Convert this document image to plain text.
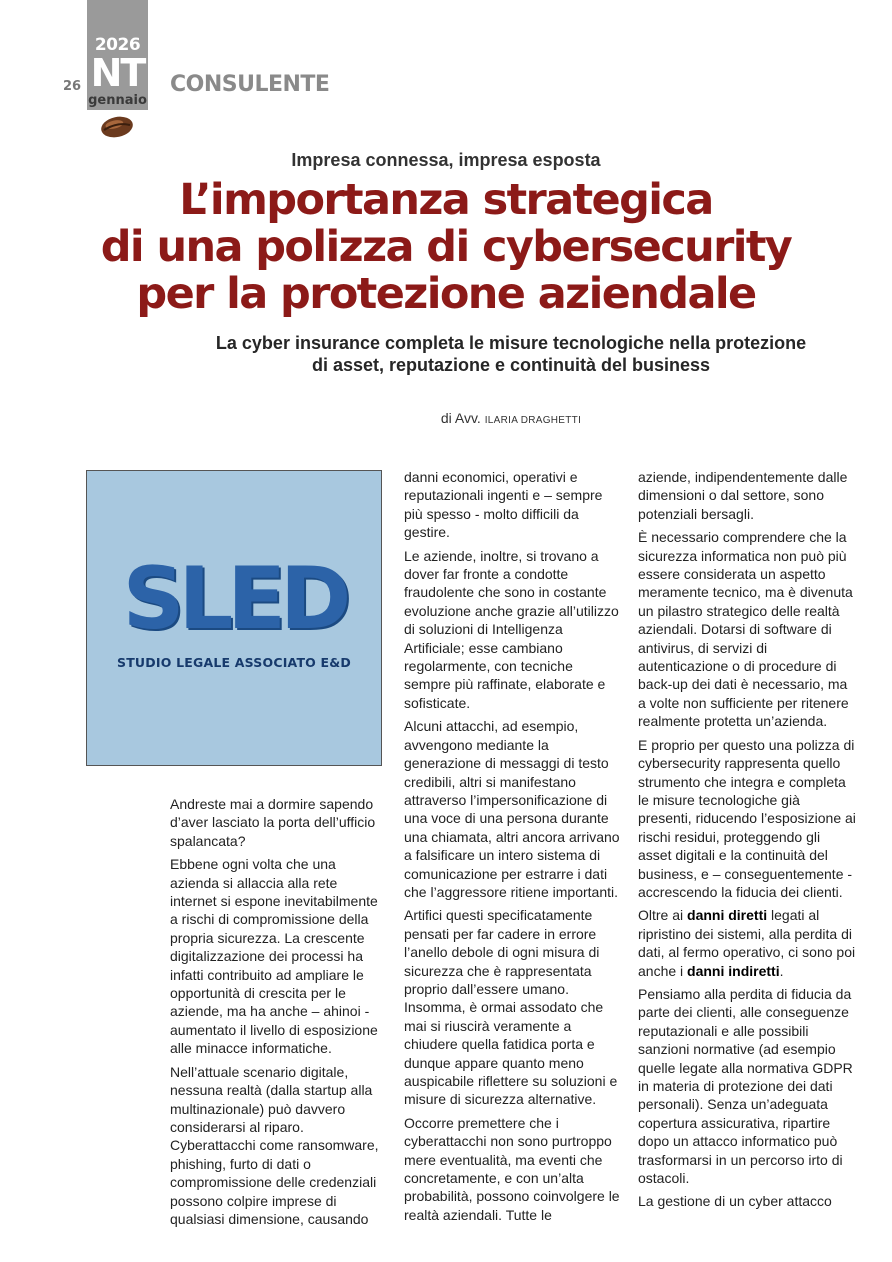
2026
NT
gennaio
26	CONSULENTE
Impresa connessa, impresa esposta
L’importanza strategica
di una polizza di cybersecurity
per la protezione aziendale
La cyber insurance completa le misure tecnologiche nella protezione
di asset, reputazione e continuità del business
di Avv. ILARIA DRAGHETTI
SLED
STUDIO LEGALE ASSOCIATO E&D

Andreste mai a dormire sapendo d’aver lasciato la porta dell’ufficio spalancata?

Ebbene ogni volta che una azienda si allaccia alla rete internet si espone inevitabilmente a rischi di compromissione della propria sicurezza. La crescente digitalizzazione dei processi ha infatti contribuito ad ampliare le opportunità di crescita per le aziende, ma ha anche – ahinoi - aumentato il livello di esposizione alle minacce informatiche.

Nell’attuale scenario digitale, nessuna realtà (dalla startup alla multinazionale) può davvero considerarsi al riparo. Cyberattacchi come ransomware, phishing, furto di dati o compromissione delle credenziali possono colpire imprese di qualsiasi dimensione, causando

danni economici, operativi e reputazionali ingenti e – sempre più spesso - molto difficili da gestire.

Le aziende, inoltre, si trovano a dover far fronte a condotte fraudolente che sono in costante evoluzione anche grazie all’utilizzo di soluzioni di Intelligenza Artificiale; esse cambiano regolarmente, con tecniche sempre più raffinate, elaborate e sofisticate.

Alcuni attacchi, ad esempio, avvengono mediante la generazione di messaggi di testo credibili, altri si manifestano attraverso l’impersonificazione di una voce di una persona durante una chiamata, altri ancora arrivano a falsificare un intero sistema di comunicazione per estrarre i dati che l’aggressore ritiene importanti.

Artifici questi specificatamente pensati per far cadere in errore l’anello debole di ogni misura di sicurezza che è rappresentata proprio dall’essere umano. Insomma, è ormai assodato che mai si riuscirà veramente a chiudere quella fatidica porta e dunque appare quanto meno auspicabile riflettere su soluzioni e misure di sicurezza alternative.

Occorre premettere che i cyberattacchi non sono purtroppo mere eventualità, ma eventi che concretamente, e con un’alta probabilità, possono coinvolgere le realtà aziendali. Tutte le

aziende, indipendentemente dalle dimensioni o dal settore, sono potenziali bersagli.

È necessario comprendere che la sicurezza informatica non può più essere considerata un aspetto meramente tecnico, ma è divenuta un pilastro strategico delle realtà aziendali. Dotarsi di software di antivirus, di servizi di autenticazione o di procedure di back-up dei dati è necessario, ma a volte non sufficiente per ritenere realmente protetta un’azienda.

E proprio per questo una polizza di cybersecurity rappresenta quello strumento che integra e completa le misure tecnologiche già presenti, riducendo l’esposizione ai rischi residui, proteggendo gli asset digitali e la continuità del business, e – conseguentemente - accrescendo la fiducia dei clienti.

Oltre ai danni diretti legati al ripristino dei sistemi, alla perdita di dati, al fermo operativo, ci sono poi anche i danni indiretti.

Pensiamo alla perdita di fiducia da parte dei clienti, alle conseguenze reputazionali e alle possibili sanzioni normative (ad esempio quelle legate alla normativa GDPR in materia di protezione dei dati personali). Senza un’adeguata copertura assicurativa, ripartire dopo un attacco informatico può trasformarsi in un percorso irto di ostacoli.

La gestione di un cyber attacco
